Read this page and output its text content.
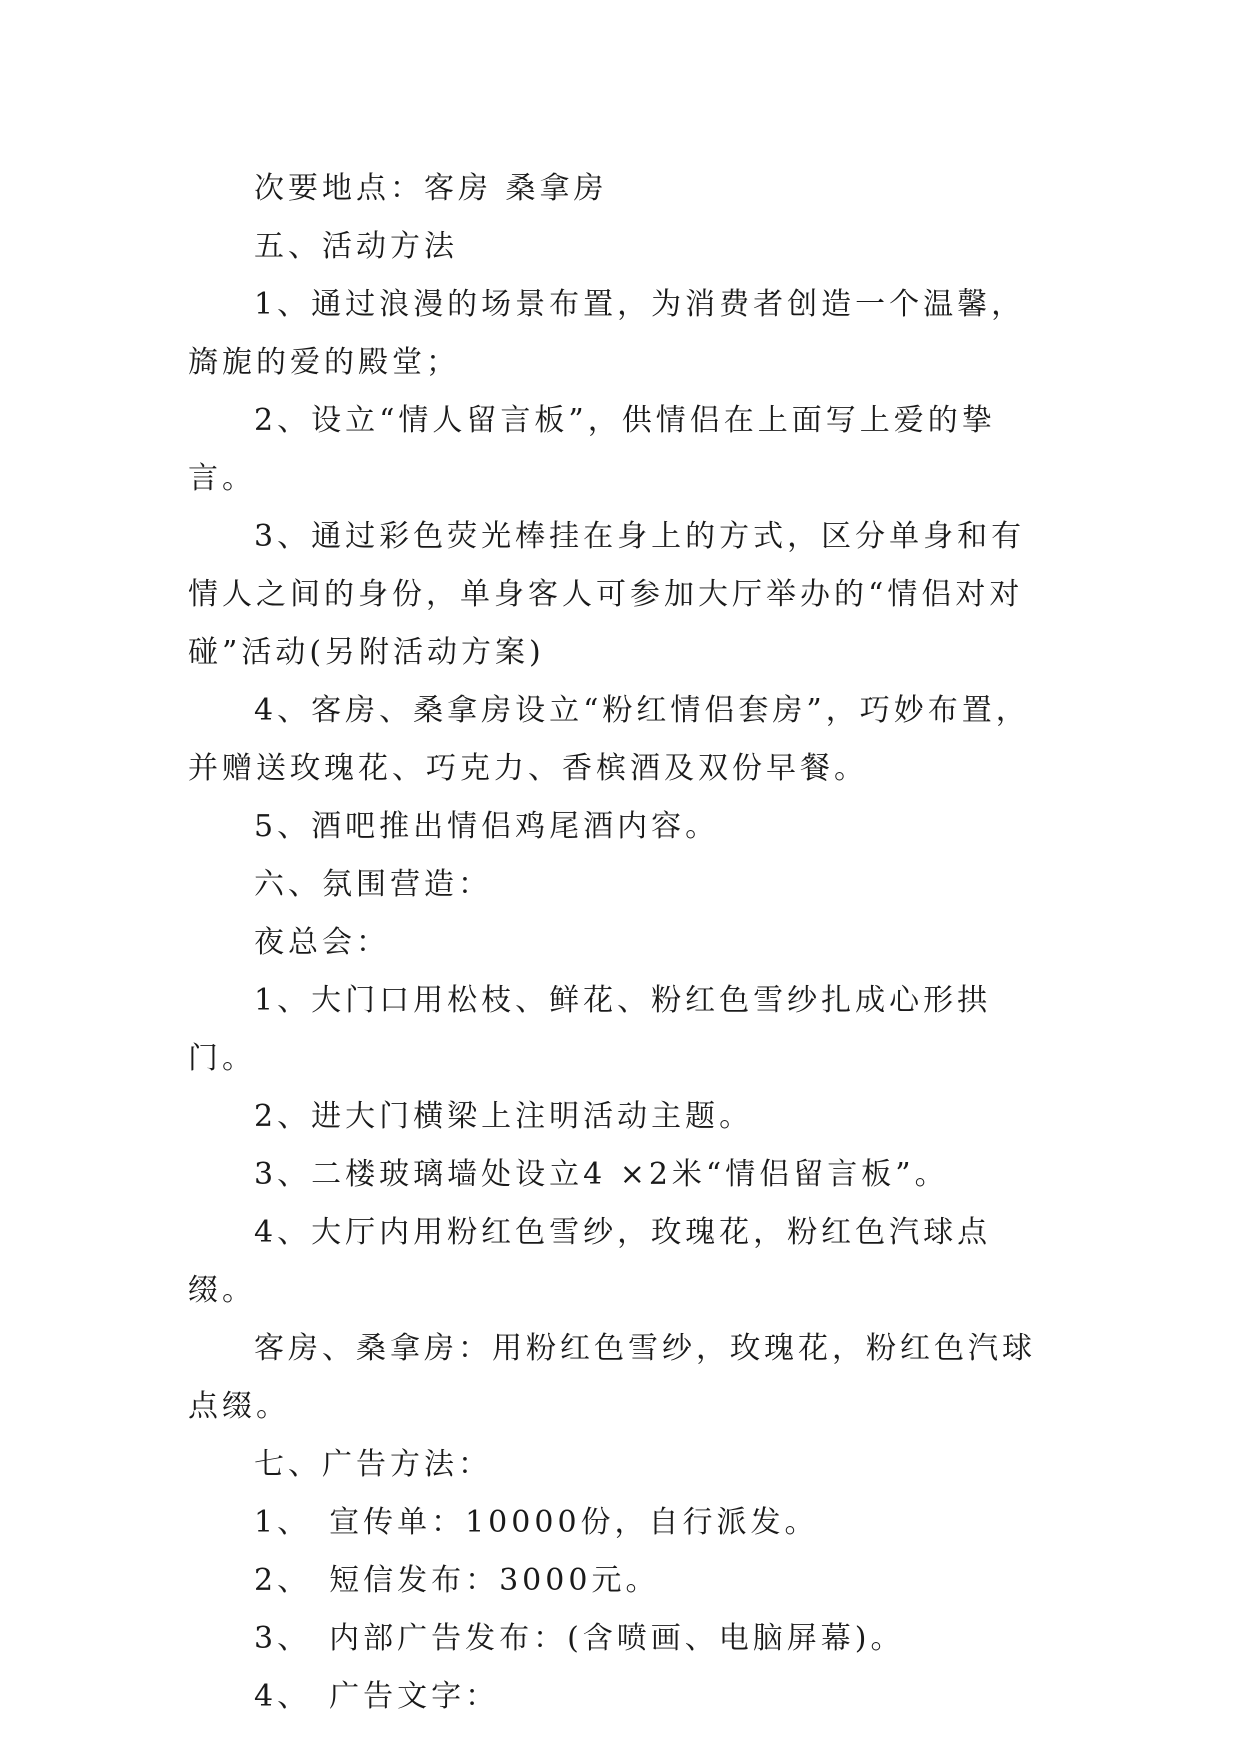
次要地点：客房 桑拿房

五、活动方法

1、通过浪漫的场景布置，为消费者创造一个温馨，旖旎的爱的殿堂；

2、设立“情人留言板”，供情侣在上面写上爱的挚言。

3、通过彩色荧光棒挂在身上的方式，区分单身和有情人之间的身份，单身客人可参加大厅举办的“情侣对对碰”活动(另附活动方案)

4、客房、桑拿房设立“粉红情侣套房”，巧妙布置，并赠送玫瑰花、巧克力、香槟酒及双份早餐。

5、酒吧推出情侣鸡尾酒内容。

六、氛围营造：

夜总会：

1、大门口用松枝、鲜花、粉红色雪纱扎成心形拱门。

2、进大门横梁上注明活动主题。

3、二楼玻璃墙处设立4 ×2米“情侣留言板”。

4、大厅内用粉红色雪纱，玫瑰花，粉红色汽球点缀。

客房、桑拿房：用粉红色雪纱，玫瑰花，粉红色汽球点缀。

七、广告方法：

1、 宣传单：10000份，自行派发。

2、 短信发布：3000元。

3、 内部广告发布：(含喷画、电脑屏幕)。

4、 广告文字：
